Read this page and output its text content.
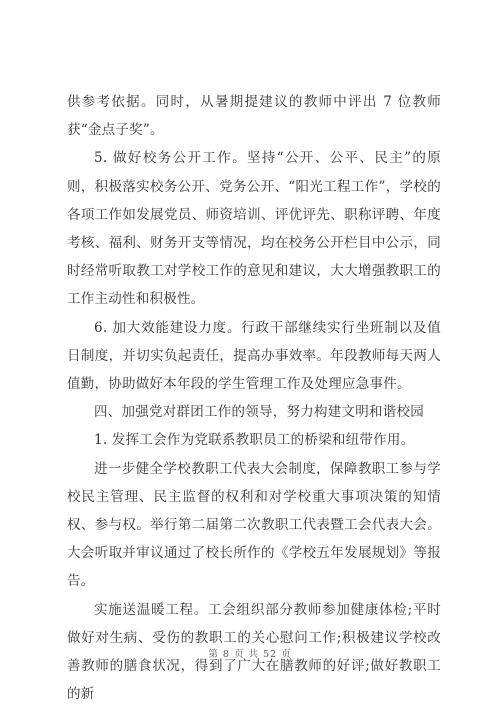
供参考依据。同时，从暑期提建议的教师中评出 7 位教师获“金点子奖”。

5. 做好校务公开工作。坚持“公开、公平、民主”的原则，积极落实校务公开、党务公开、“阳光工程工作”，学校的各项工作如发展党员、师资培训、评优评先、职称评聘、年度考核、福利、财务开支等情况，均在校务公开栏目中公示，同时经常听取教工对学校工作的意见和建议，大大增强教职工的工作主动性和积极性。

6. 加大效能建设力度。行政干部继续实行坐班制以及值日制度，并切实负起责任，提高办事效率。年段教师每天两人值勤，协助做好本年段的学生管理工作及处理应急事件。

四、加强党对群团工作的领导，努力构建文明和谐校园

1. 发挥工会作为党联系教职员工的桥梁和纽带作用。

进一步健全学校教职工代表大会制度，保障教职工参与学校民主管理、民主监督的权利和对学校重大事项决策的知情权、参与权。举行第二届第二次教职工代表暨工会代表大会。大会听取并审议通过了校长所作的《学校五年发展规划》等报告。

实施送温暖工程。工会组织部分教师参加健康体检;平时做好对生病、受伤的教职工的关心慰问工作;积极建议学校改善教师的膳食状况，得到了广大在膳教师的好评;做好教职工的新

第 8 页 共 52 页
